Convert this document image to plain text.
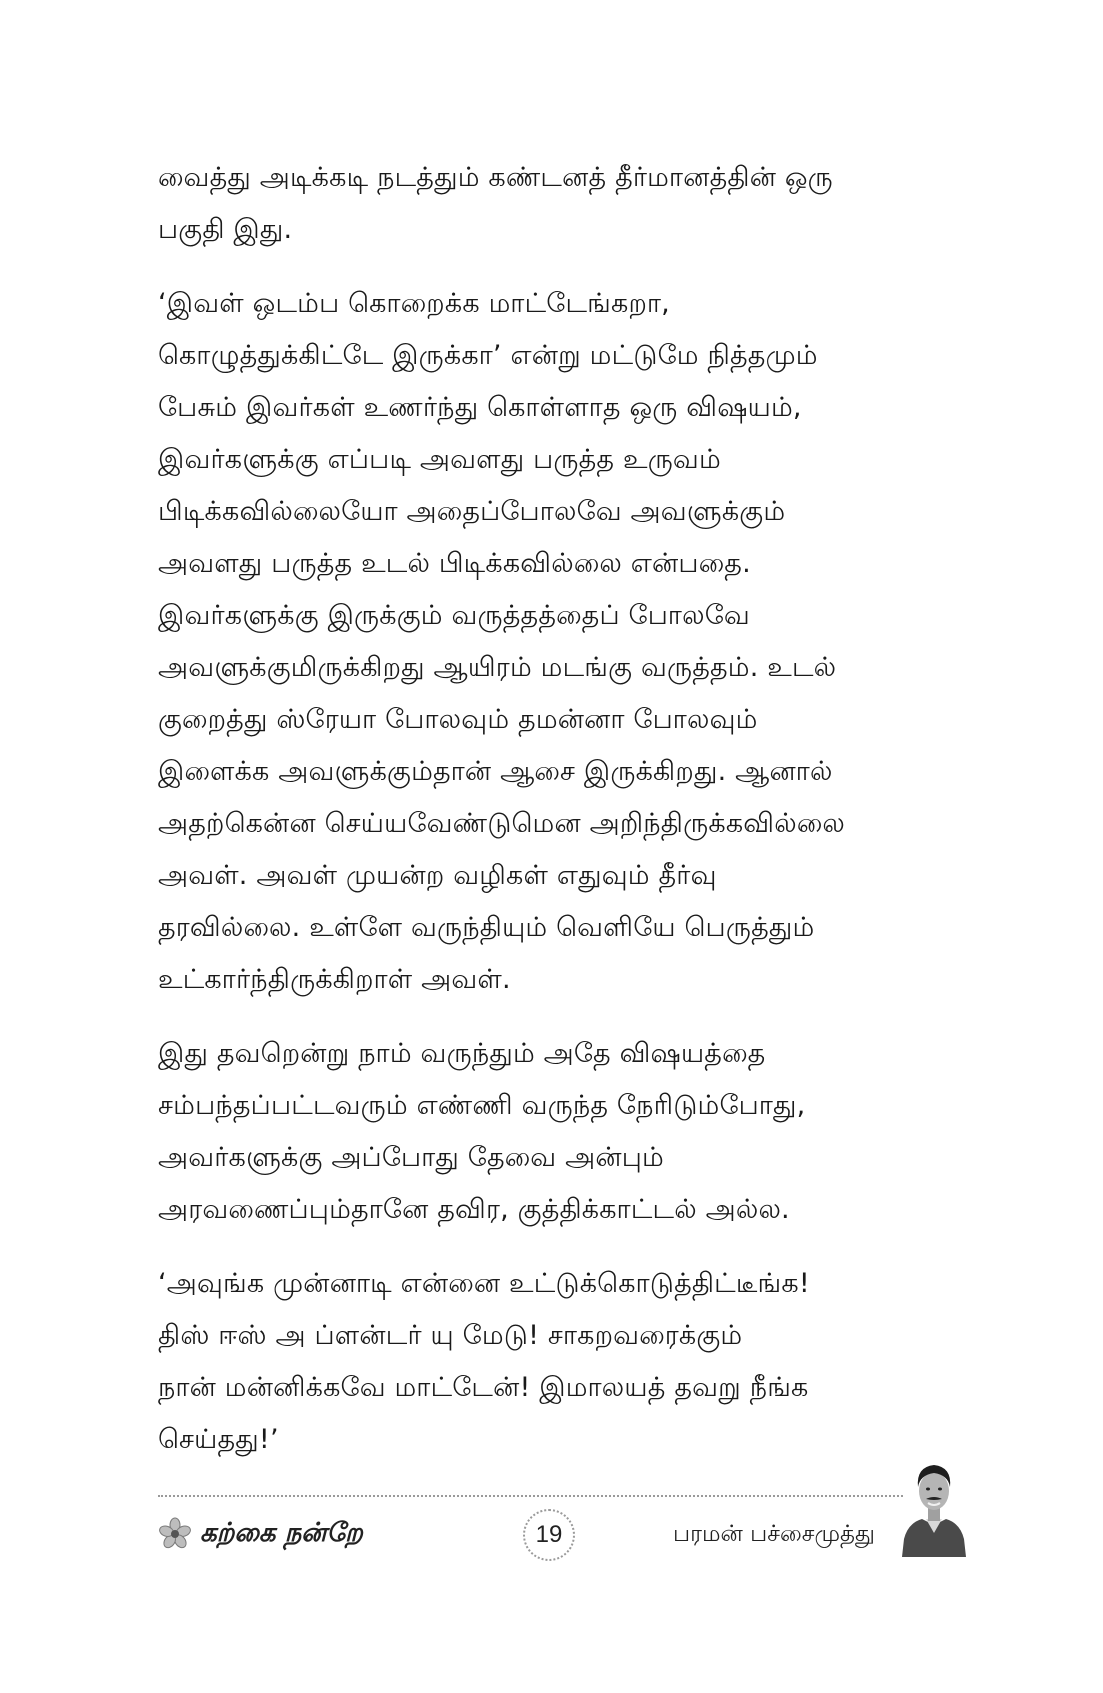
வைத்து அடிக்கடி நடத்தும் கண்டனத் தீர்மானத்தின் ஒரு
பகுதி இது.
‘இவள் ஒடம்ப கொறைக்க மாட்டேங்கறா,
கொழுத்துக்கிட்டே இருக்கா’ என்று மட்டுமே நித்தமும்
பேசும் இவர்கள் உணர்ந்து கொள்ளாத ஒரு விஷயம்,
இவர்களுக்கு எப்படி அவளது பருத்த உருவம்
பிடிக்கவில்லையோ அதைப்போலவே அவளுக்கும்
அவளது பருத்த உடல் பிடிக்கவில்லை என்பதை.
இவர்களுக்கு இருக்கும் வருத்தத்தைப் போலவே
அவளுக்குமிருக்கிறது ஆயிரம் மடங்கு வருத்தம். உடல்
குறைத்து ஸ்ரேயா போலவும் தமன்னா போலவும்
இளைக்க அவளுக்கும்தான் ஆசை இருக்கிறது. ஆனால்
அதற்கென்ன செய்யவேண்டுமென அறிந்திருக்கவில்லை
அவள். அவள் முயன்ற வழிகள் எதுவும் தீர்வு
தரவில்லை. உள்ளே வருந்தியும் வெளியே பெருத்தும்
உட்கார்ந்திருக்கிறாள் அவள்.
இது தவறென்று நாம் வருந்தும் அதே விஷயத்தை
சம்பந்தப்பட்டவரும் எண்ணி வருந்த நேரிடும்போது,
அவர்களுக்கு அப்போது தேவை அன்பும்
அரவணைப்பும்தானே தவிர, குத்திக்காட்டல் அல்ல.
‘அவுங்க முன்னாடி என்னை உட்டுக்கொடுத்திட்டீங்க!
திஸ் ஈஸ் அ ப்ளன்டர் யு மேடு! சாகறவரைக்கும்
நான் மன்னிக்கவே மாட்டேன்! இமாலயத் தவறு நீங்க
செய்தது!’
கற்கை நன்றே	19	பரமன் பச்சைமுத்து
